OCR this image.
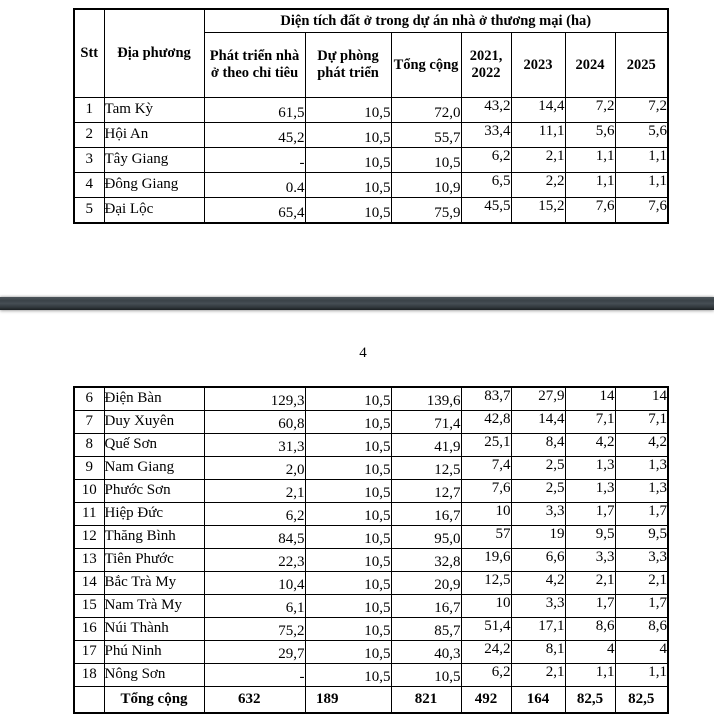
Stt	Địa phương	Diện tích đất ở trong dự án nhà ở thương mại (ha)						
		Phát triển nhà ở theo chỉ tiêu	Dự phòng phát triển	Tổng cộng	2021, 2022	2023	2024	2025
1	Tam Kỳ	61,5	10,5	72,0	43,2	14,4	7,2	7,2
2	Hội An	45,2	10,5	55,7	33,4	11,1	5,6	5,6
3	Tây Giang	-	10,5	10,5	6,2	2,1	1,1	1,1
4	Đông Giang	0.4	10,5	10,9	6,5	2,2	1,1	1,1
5	Đại Lộc	65,4	10,5	75,9	45,5	15,2	7,6	7,6
4
6	Điện Bàn	129,3	10,5	139,6	83,7	27,9	14	14
7	Duy Xuyên	60,8	10,5	71,4	42,8	14,4	7,1	7,1
8	Quế Sơn	31,3	10,5	41,9	25,1	8,4	4,2	4,2
9	Nam Giang	2,0	10,5	12,5	7,4	2,5	1,3	1,3
10	Phước Sơn	2,1	10,5	12,7	7,6	2,5	1,3	1,3
11	Hiệp Đức	6,2	10,5	16,7	10	3,3	1,7	1,7
12	Thăng Bình	84,5	10,5	95,0	57	19	9,5	9,5
13	Tiên Phước	22,3	10,5	32,8	19,6	6,6	3,3	3,3
14	Bắc Trà My	10,4	10,5	20,9	12,5	4,2	2,1	2,1
15	Nam Trà My	6,1	10,5	16,7	10	3,3	1,7	1,7
16	Núi Thành	75,2	10,5	85,7	51,4	17,1	8,6	8,6
17	Phú Ninh	29,7	10,5	40,3	24,2	8,1	4	4
18	Nông Sơn	-	10,5	10,5	6,2	2,1	1,1	1,1
	Tổng cộng	632	189	821	492	164	82,5	82,5
